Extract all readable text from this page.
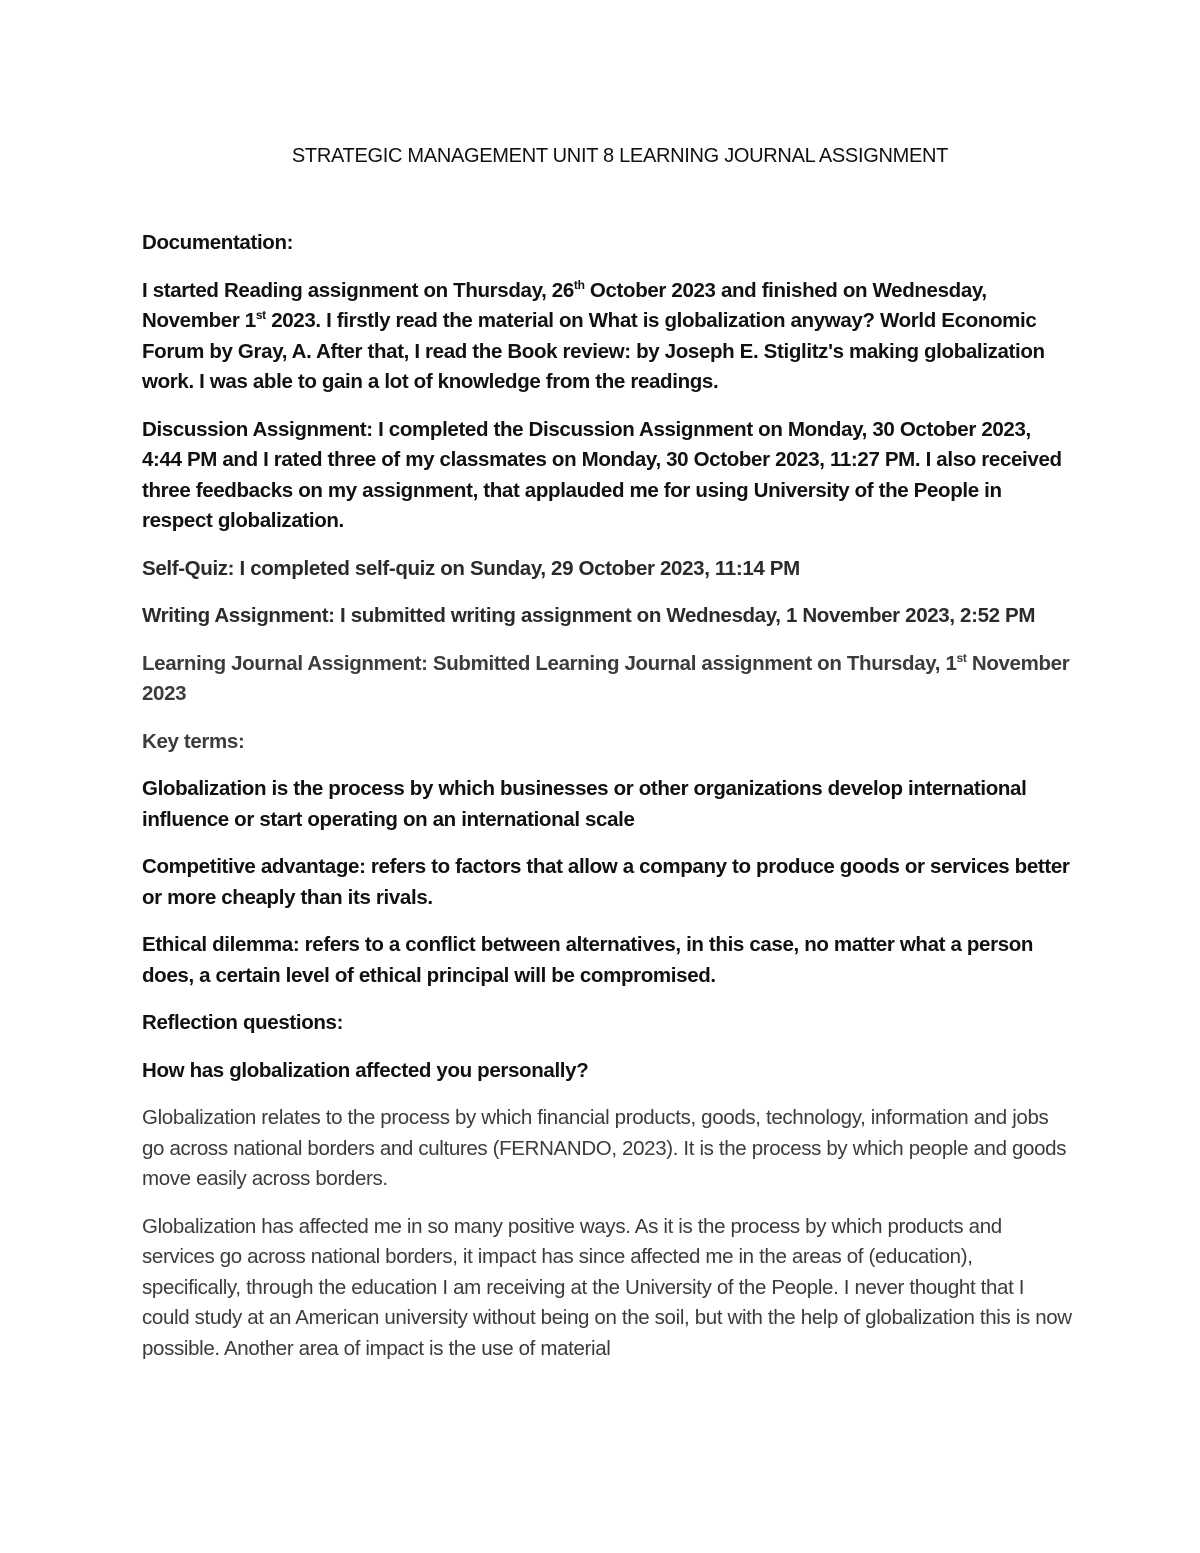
STRATEGIC MANAGEMENT UNIT 8 LEARNING JOURNAL ASSIGNMENT

Documentation:

I started Reading assignment on Thursday, 26th October 2023 and finished on Wednesday, November 1st 2023. I firstly read the material on What is globalization anyway? World Economic Forum by Gray, A. After that, I read the Book review: by Joseph E. Stiglitz's making globalization work. I was able to gain a lot of knowledge from the readings.

Discussion Assignment: I completed the Discussion Assignment on Monday, 30 October 2023, 4:44 PM and I rated three of my classmates on Monday, 30 October 2023, 11:27 PM. I also received three feedbacks on my assignment, that applauded me for using University of the People in respect globalization.

Self-Quiz: I completed self-quiz on Sunday, 29 October 2023, 11:14 PM

Writing Assignment: I submitted writing assignment on Wednesday, 1 November 2023, 2:52 PM

Learning Journal Assignment: Submitted Learning Journal assignment on Thursday, 1st November 2023

Key terms:

Globalization is the process by which businesses or other organizations develop international influence or start operating on an international scale

Competitive advantage: refers to factors that allow a company to produce goods or services better or more cheaply than its rivals.

Ethical dilemma: refers to a conflict between alternatives, in this case, no matter what a person does, a certain level of ethical principal will be compromised.

Reflection questions:

How has globalization affected you personally?

Globalization relates to the process by which financial products, goods, technology, information and jobs go across national borders and cultures (FERNANDO, 2023). It is the process by which people and goods move easily across borders.

Globalization has affected me in so many positive ways. As it is the process by which products and services go across national borders, it impact has since affected me in the areas of (education), specifically, through the education I am receiving at the University of the People. I never thought that I could study at an American university without being on the soil, but with the help of globalization this is now possible. Another area of impact is the use of material
